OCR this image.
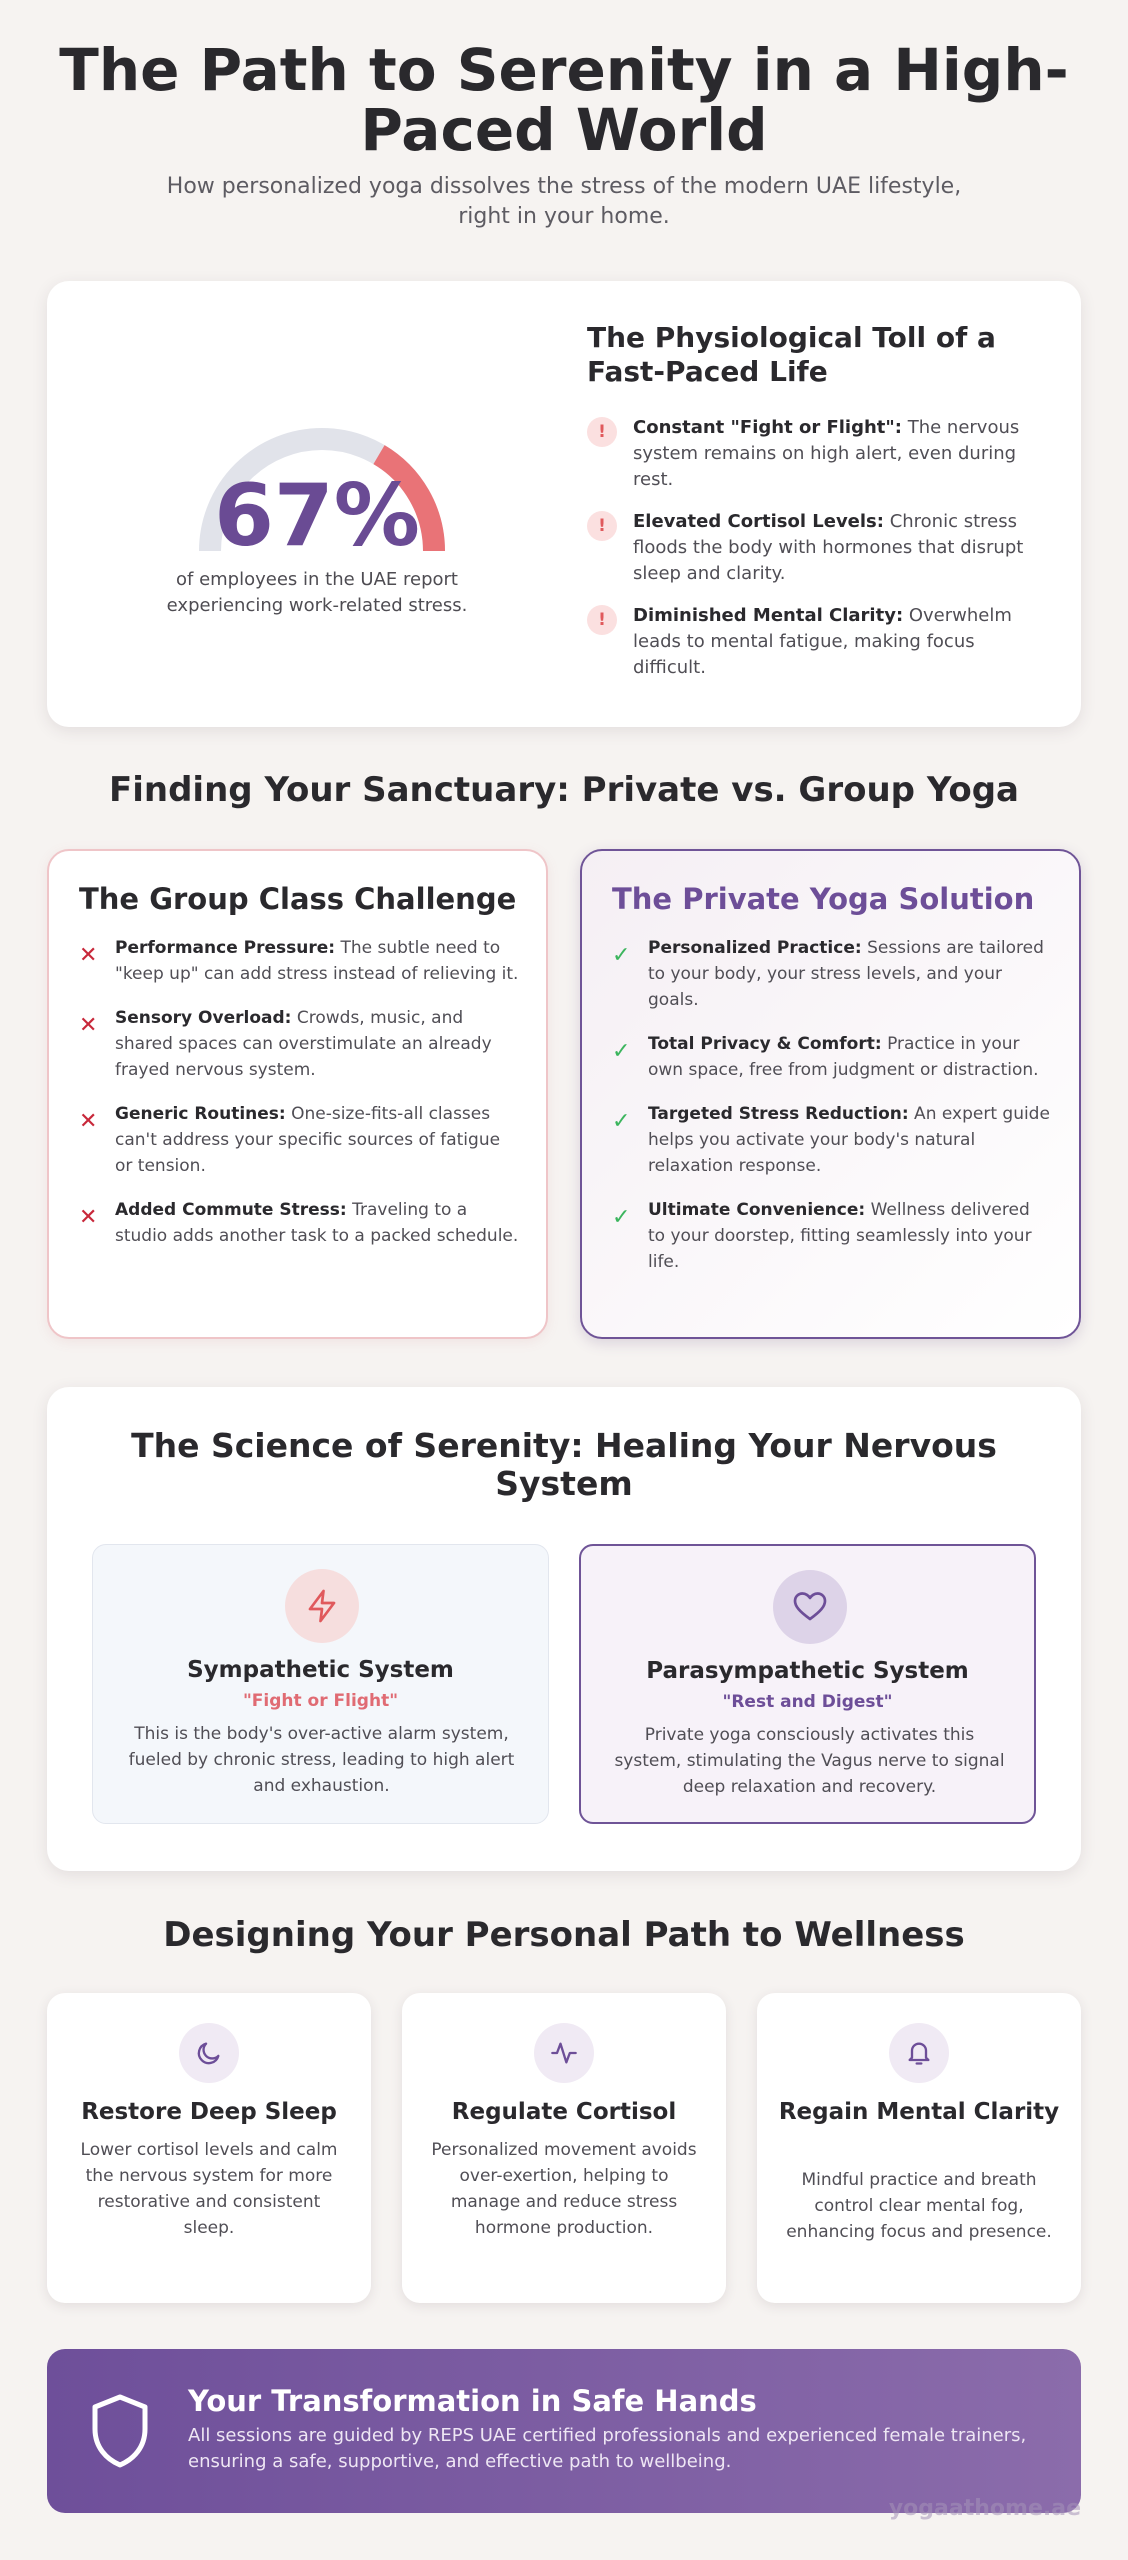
The Path to Serenity in a High-Paced World

How personalized yoga dissolves the stress of the modern UAE lifestyle, right in your home.

67%

of employees in the UAE report experiencing work-related stress.

The Physiological Toll of a Fast-Paced Life
!	Constant "Fight or Flight": The nervous system remains on high alert, even during rest.

!	Elevated Cortisol Levels: Chronic stress floods the body with hormones that disrupt sleep and clarity.

!	Diminished Mental Clarity: Overwhelm leads to mental fatigue, making focus difficult.

Finding Your Sanctuary: Private vs. Group Yoga
The Group Class Challenge
✕	Performance Pressure: The subtle need to "keep up" can add stress instead of relieving it.

✕	Sensory Overload: Crowds, music, and shared spaces can overstimulate an already frayed nervous system.

✕	Generic Routines: One-size-fits-all classes can't address your specific sources of fatigue or tension.

✕	Added Commute Stress: Traveling to a studio adds another task to a packed schedule.

The Private Yoga Solution
✓	Personalized Practice: Sessions are tailored to your body, your stress levels, and your goals.

✓	Total Privacy & Comfort: Practice in your own space, free from judgment or distraction.

✓	Targeted Stress Reduction: An expert guide helps you activate your body's natural relaxation response.

✓	Ultimate Convenience: Wellness delivered to your doorstep, fitting seamlessly into your life.

The Science of Serenity: Healing Your Nervous System
Sympathetic System
"Fight or Flight"

This is the body's over-active alarm system, fueled by chronic stress, leading to high alert and exhaustion.

Parasympathetic System
"Rest and Digest"

Private yoga consciously activates this system, stimulating the Vagus nerve to signal deep relaxation and recovery.

Designing Your Personal Path to Wellness
Restore Deep Sleep

Lower cortisol levels and calm the nervous system for more restorative and consistent sleep.

Regulate Cortisol

Personalized movement avoids over-exertion, helping to manage and reduce stress hormone production.

Regain Mental Clarity

Mindful practice and breath control clear mental fog, enhancing focus and presence.

Your Transformation in Safe Hands

All sessions are guided by REPS UAE certified professionals and experienced female trainers, ensuring a safe, supportive, and effective path to wellbeing.

yogaathome.ae
